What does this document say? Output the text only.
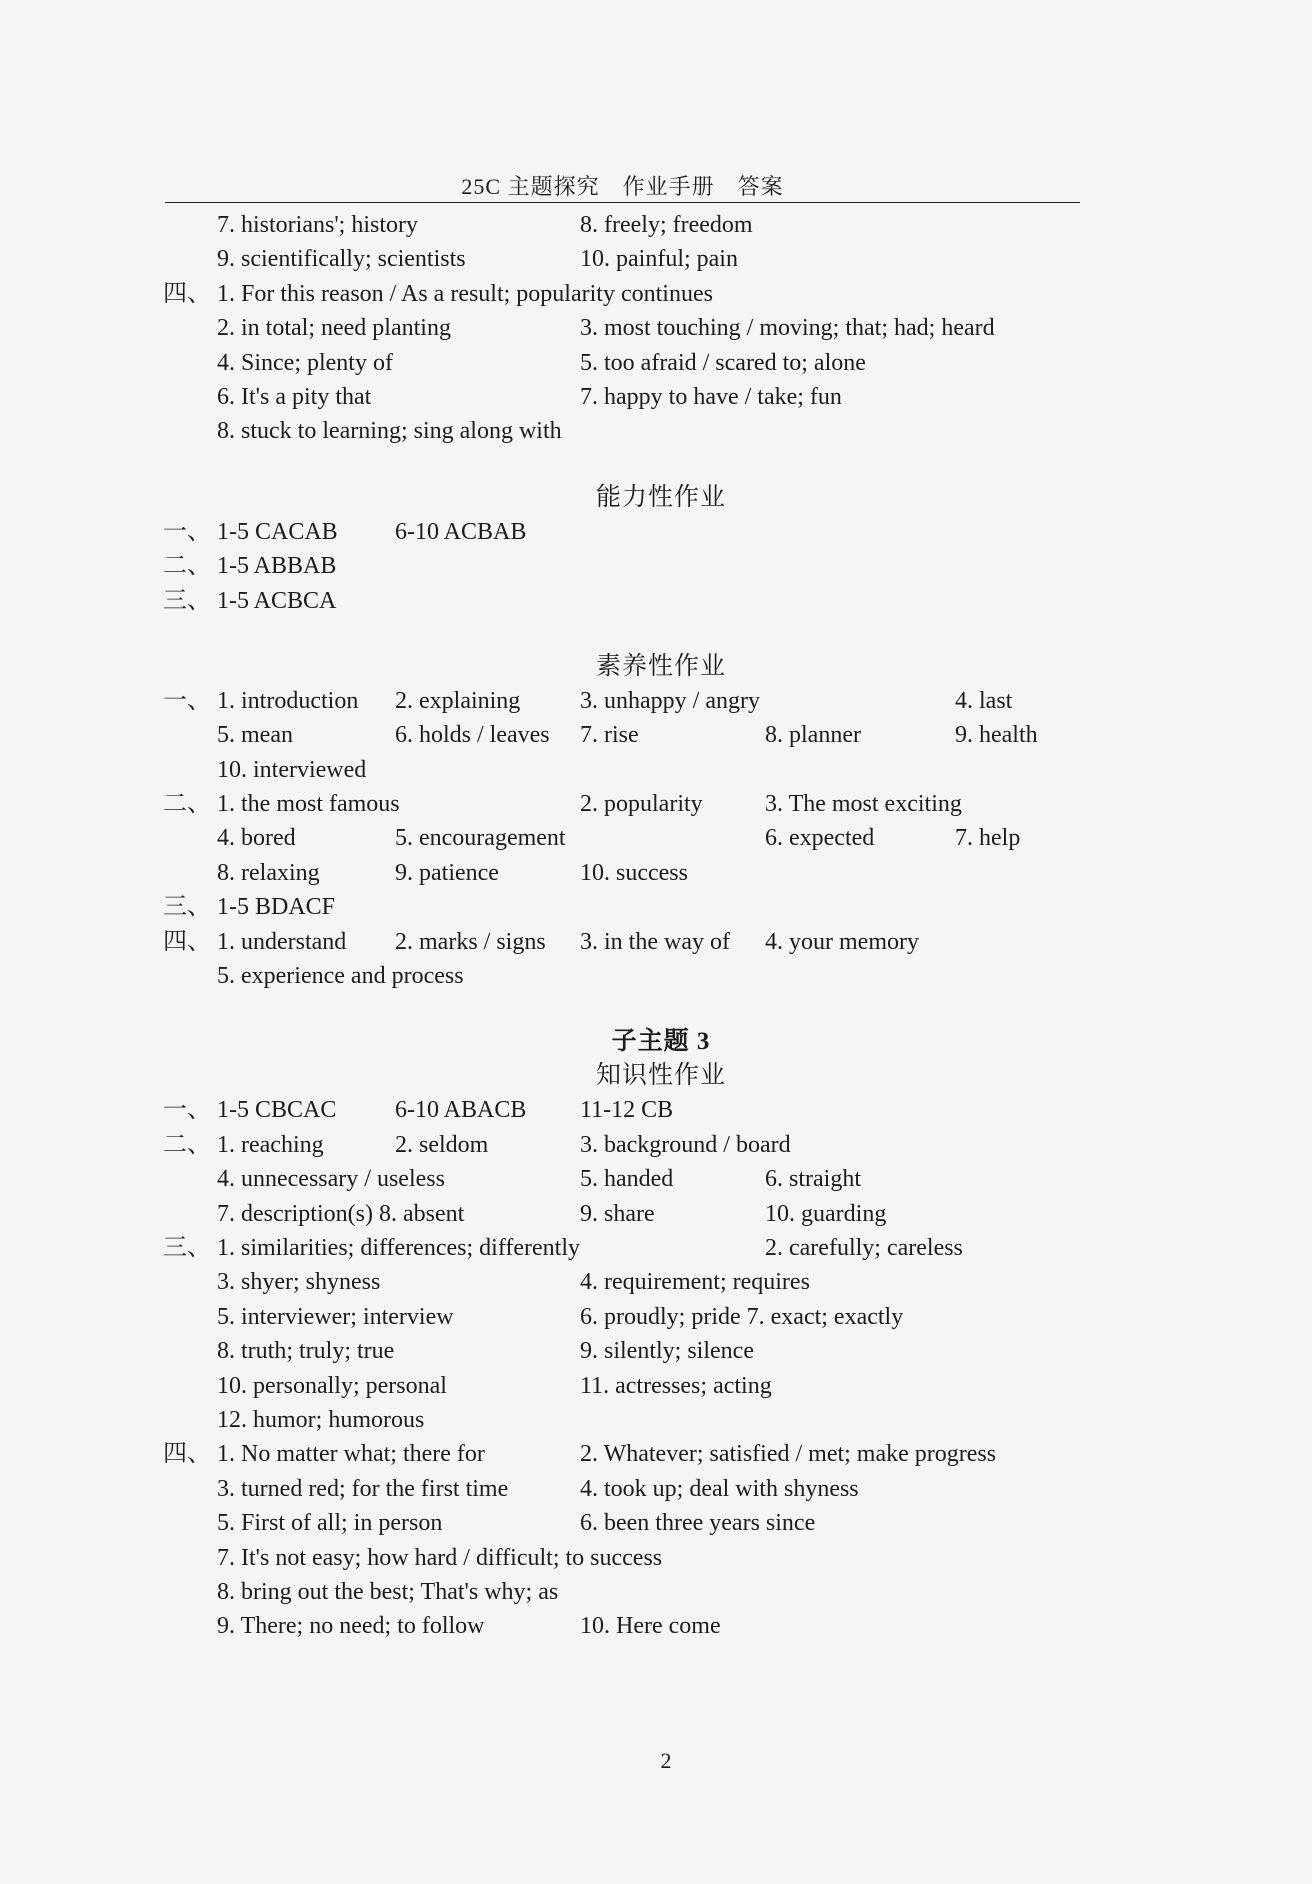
25C 主题探究　作业手册　答案
7. historians'; history	8. freely; freedom
9. scientifically; scientists	10. painful; pain
四、 1. For this reason / As a result; popularity continues
2. in total; need planting	3. most touching / moving; that; had; heard
4. Since; plenty of	5. too afraid / scared to; alone
6. It's a pity that	7. happy to have / take; fun
8. stuck to learning; sing along with
能力性作业
一、 1-5 CACAB 6-10 ACBAB
二、 1-5 ABBAB
三、 1-5 ACBCA
素养性作业
一、 1. introduction 2. explaining 3. unhappy / angry	4. last
5. mean	6. holds / leaves 7. rise	8. planner	9. health
10. interviewed
二、 1. the most famous	2. popularity	3. The most exciting
4. bored	5. encouragement	6. expected	7. help
8. relaxing	9. patience	10. success
三、 1-5 BDACF
四、 1. understand 2. marks / signs 3. in the way of 4. your memory
5. experience and process
子主题 3
知识性作业
一、 1-5 CBCAC 6-10 ABACB 11-12 CB
二、 1. reaching	2. seldom	3. background / board
4. unnecessary / useless	5. handed	6. straight
7. description(s) 8. absent	9. share	10. guarding
三、 1. similarities; differences; differently	2. carefully; careless
3. shyer; shyness	4. requirement; requires
5. interviewer; interview	6. proudly; pride 7. exact; exactly
8. truth; truly; true	9. silently; silence
10. personally; personal	11. actresses; acting
12. humor; humorous
四、 1. No matter what; there for	2. Whatever; satisfied / met; make progress
3. turned red; for the first time	4. took up; deal with shyness
5. First of all; in person	6. been three years since
7. It's not easy; how hard / difficult; to success
8. bring out the best; That's why; as
9. There; no need; to follow	10. Here come
2
